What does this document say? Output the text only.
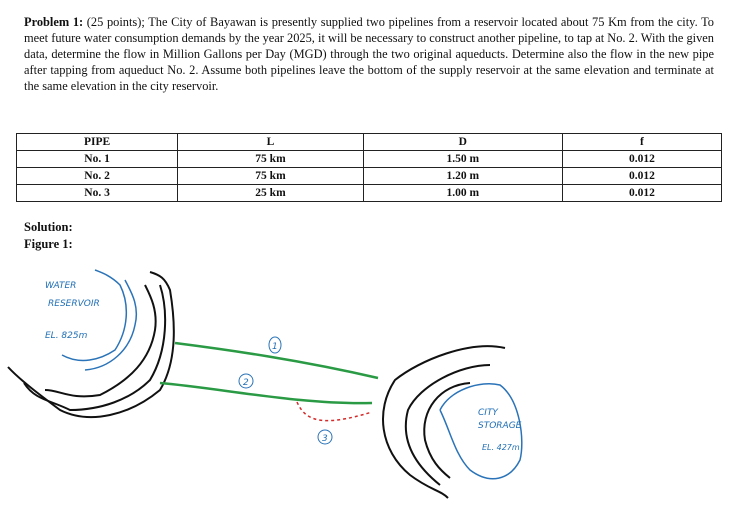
Problem 1: (25 points); The City of Bayawan is presently supplied two pipelines from a reservoir located about 75 Km from the city. To meet future water consumption demands by the year 2025, it will be necessary to construct another pipeline, to tap at No. 2. With the given data, determine the flow in Million Gallons per Day (MGD) through the two original aqueducts. Determine also the flow in the new pipe after tapping from aqueduct No. 2. Assume both pipelines leave the bottom of the supply reservoir at the same elevation and terminate at the same elevation in the city reservoir.
PIPE	L	D	f
No. 1	75 km	1.50 m	0.012
No. 2	75 km	1.20 m	0.012
No. 3	25 km	1.00 m	0.012
Solution:
Figure 1:
WATER
RESERVOIR
EL. 825m
1
2
3
CITY
STORAGE
EL. 427m
